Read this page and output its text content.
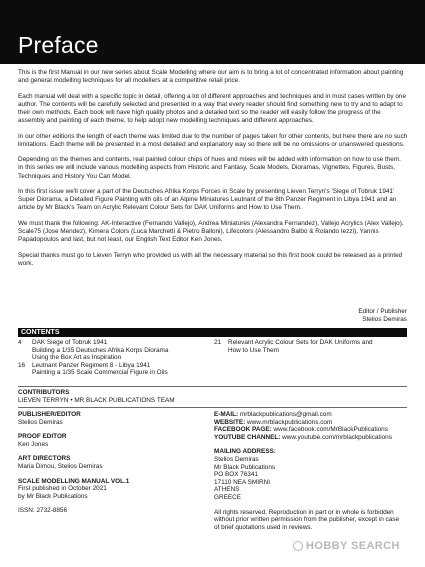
Preface

This is the first Manual in our new series about Scale Modelling where our aim is to bring a lot of concentrated information about painting and general modelling techniques for all modellers at a competitive retail price.

Each manual will deal with a specific topic in detail, offering a lot of different approaches and techniques and in most cases written by one author. The contents will be carefully selected and presented in a way that every reader should find something new to try and to adapt to their own methods. Each book will have high quality photos and a detailed text so the reader will easily follow the progress of the assembly and painting of each theme, to help adopt new modelling techniques and different approaches.

In our other editions the length of each theme was limited due to the number of pages taken for other contents, but here there are no such limitations. Each theme will be presented in a most detailed and explanatory way so there will be no omissions or unanswered questions.

Depending on the themes and contents, real painted colour chips of hues and mixes will be added with information on how to use them. In this series we will include various modelling aspects from Historic and Fantasy, Scale Models, Dioramas, Vignettes, Figures, Busts, Techniques and History You Can Model.

In this first issue we'll cover a part of the Deutsches Afrika Korps Forces in Scale by presenting Lieven Terryn's 'Siege of Tobruk 1941' Super Diorama, a Detailed Figure Painting with oils of an Alpine Miniatures Leutnant of the 8th Panzer Regiment in Libya 1941 and an article by Mr Black's Team on Acrylic Relevant Colour Sets for DAK Uniforms and How to Use Them.

We must thank the following: AK-Interactive (Fernando Vallejo), Andrea Miniatures (Alexandra Fernandez), Vallejo Acrylics (Alex Vallejo), Scale75 (Jose Mendez), Kimera Colors (Luca Marchetti & Pietro Balloni), Lifecolors (Alessandro Balbo & Rolando Iezzi), Yannis Papadopoulos and last, but not least, our English Text Editor Ken Jones.

Special thanks must go to Lieven Terryn who provided us with all the necessary material so this first book could be released as a printed work.

Editor / Publisher
Stelios Demiras
CONTENTS
4	DAK Siege of Tobruk 1941
Building a 1/35 Deutsches Afrika Korps Diorama
Using the Box Art as Inspiration
16	Leutnant Panzer Regiment 8 - Libya 1941
Painting a 1/35 Scale Commercial Figure in Oils
21	Relevant Acrylic Colour Sets for DAK Uniforms and
How to Use Them
CONTRIBUTORS
LIEVEN TERRYN • MR BLACK PUBLICATIONS TEAM
PUBLISHER/EDITOR
Stelios Demiras
PROOF EDITOR
Ken Jones
ART DIRECTORS
Maria Dimou, Stelios Demiras
SCALE MODELLING MANUAL VOL.1
First published in October 2021
by Mr Black Publications
ISSN: 2732-8856
E-MAIL: mrblackpublications@gmail.com
WEBSITE: www.mrblackpublications.com
FACEBOOK PAGE: www.facebook.com/MrBlackPublications
YOUTUBE CHANNEL: www.youtube.com/mrblackpublications
MAILING ADDRESS:
Stelios Demiras
Mr Black Publications
PO BOX 76341
17110 NEA SMIRNI
ATHENS
GREECE
All rights reserved. Reproduction in part or in whole is forbidden without prior written permission from the publisher, except in case of brief quotations used in reviews.
HOBBY SEARCH
